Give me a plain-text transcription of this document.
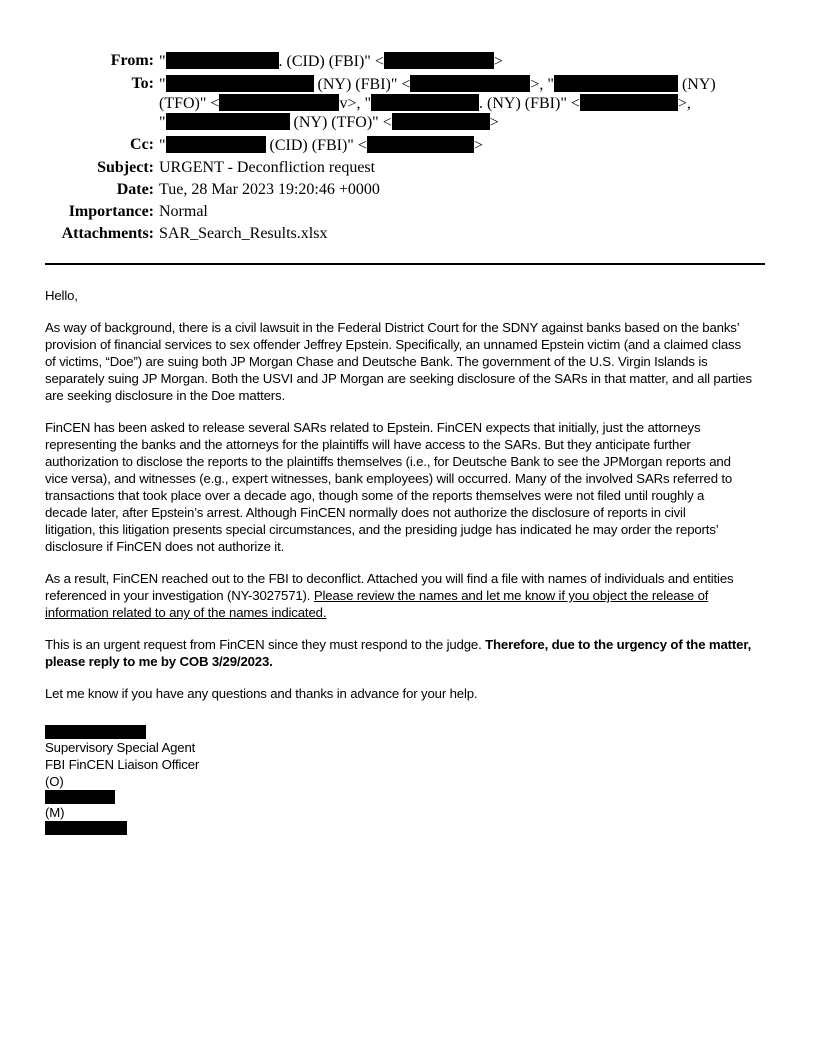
From: "	. (CID) (FBI)" <	>
To: "	(NY) (FBI)" <	>, "	(NY)
(TFO)" <	v>, "	. (NY) (FBI)" <	>,
"	(NY) (TFO)" <	>
Cc: "	(CID) (FBI)" <	>
Subject: URGENT - Deconfliction request
Date: Tue, 28 Mar 2023 19:20:46 +0000
Importance: Normal
Attachments: SAR_Search_Results.xlsx

Hello,

As way of background, there is a civil lawsuit in the Federal District Court for the SDNY against banks based on the banks’
provision of financial services to sex offender Jeffrey Epstein. Specifically, an unnamed Epstein victim (and a claimed class
of victims, “Doe”) are suing both JP Morgan Chase and Deutsche Bank. The government of the U.S. Virgin Islands is
separately suing JP Morgan. Both the USVI and JP Morgan are seeking disclosure of the SARs in that matter, and all parties
are seeking disclosure in the Doe matters.

FinCEN has been asked to release several SARs related to Epstein. FinCEN expects that initially, just the attorneys
representing the banks and the attorneys for the plaintiffs will have access to the SARs. But they anticipate further
authorization to disclose the reports to the plaintiffs themselves (i.e., for Deutsche Bank to see the JPMorgan reports and
vice versa), and witnesses (e.g., expert witnesses, bank employees) will occurred. Many of the involved SARs referred to
transactions that took place over a decade ago, though some of the reports themselves were not filed until roughly a
decade later, after Epstein’s arrest. Although FinCEN normally does not authorize the disclosure of reports in civil
litigation, this litigation presents special circumstances, and the presiding judge has indicated he may order the reports’
disclosure if FinCEN does not authorize it.

As a result, FinCEN reached out to the FBI to deconflict. Attached you will find a file with names of individuals and entities
referenced in your investigation (NY-3027571). Please review the names and let me know if you object the release of
information related to any of the names indicated.

This is an urgent request from FinCEN since they must respond to the judge. Therefore, due to the urgency of the matter,
please reply to me by COB 3/29/2023.

Let me know if you have any questions and thanks in advance for your help.

Supervisory Special Agent
FBI FinCEN Liaison Officer
(O)
(M)
